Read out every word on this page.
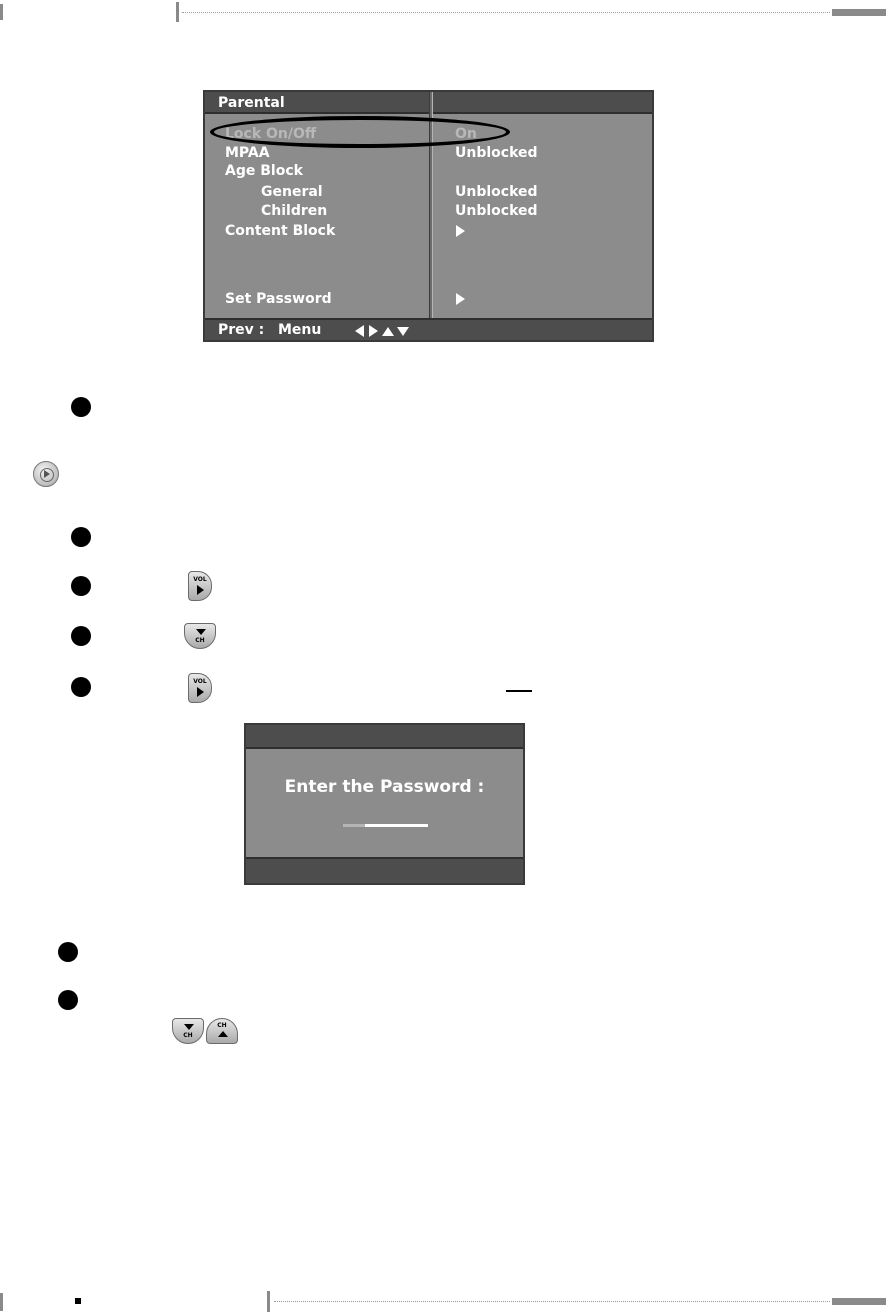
Parental
Lock On/Off	On
MPAA	Unblocked
Age Block
General	Unblocked
Children	Unblocked
Content Block
Set Password
Prev : Menu
VOL
CH
VOL
Enter the Password :
CH
CH
